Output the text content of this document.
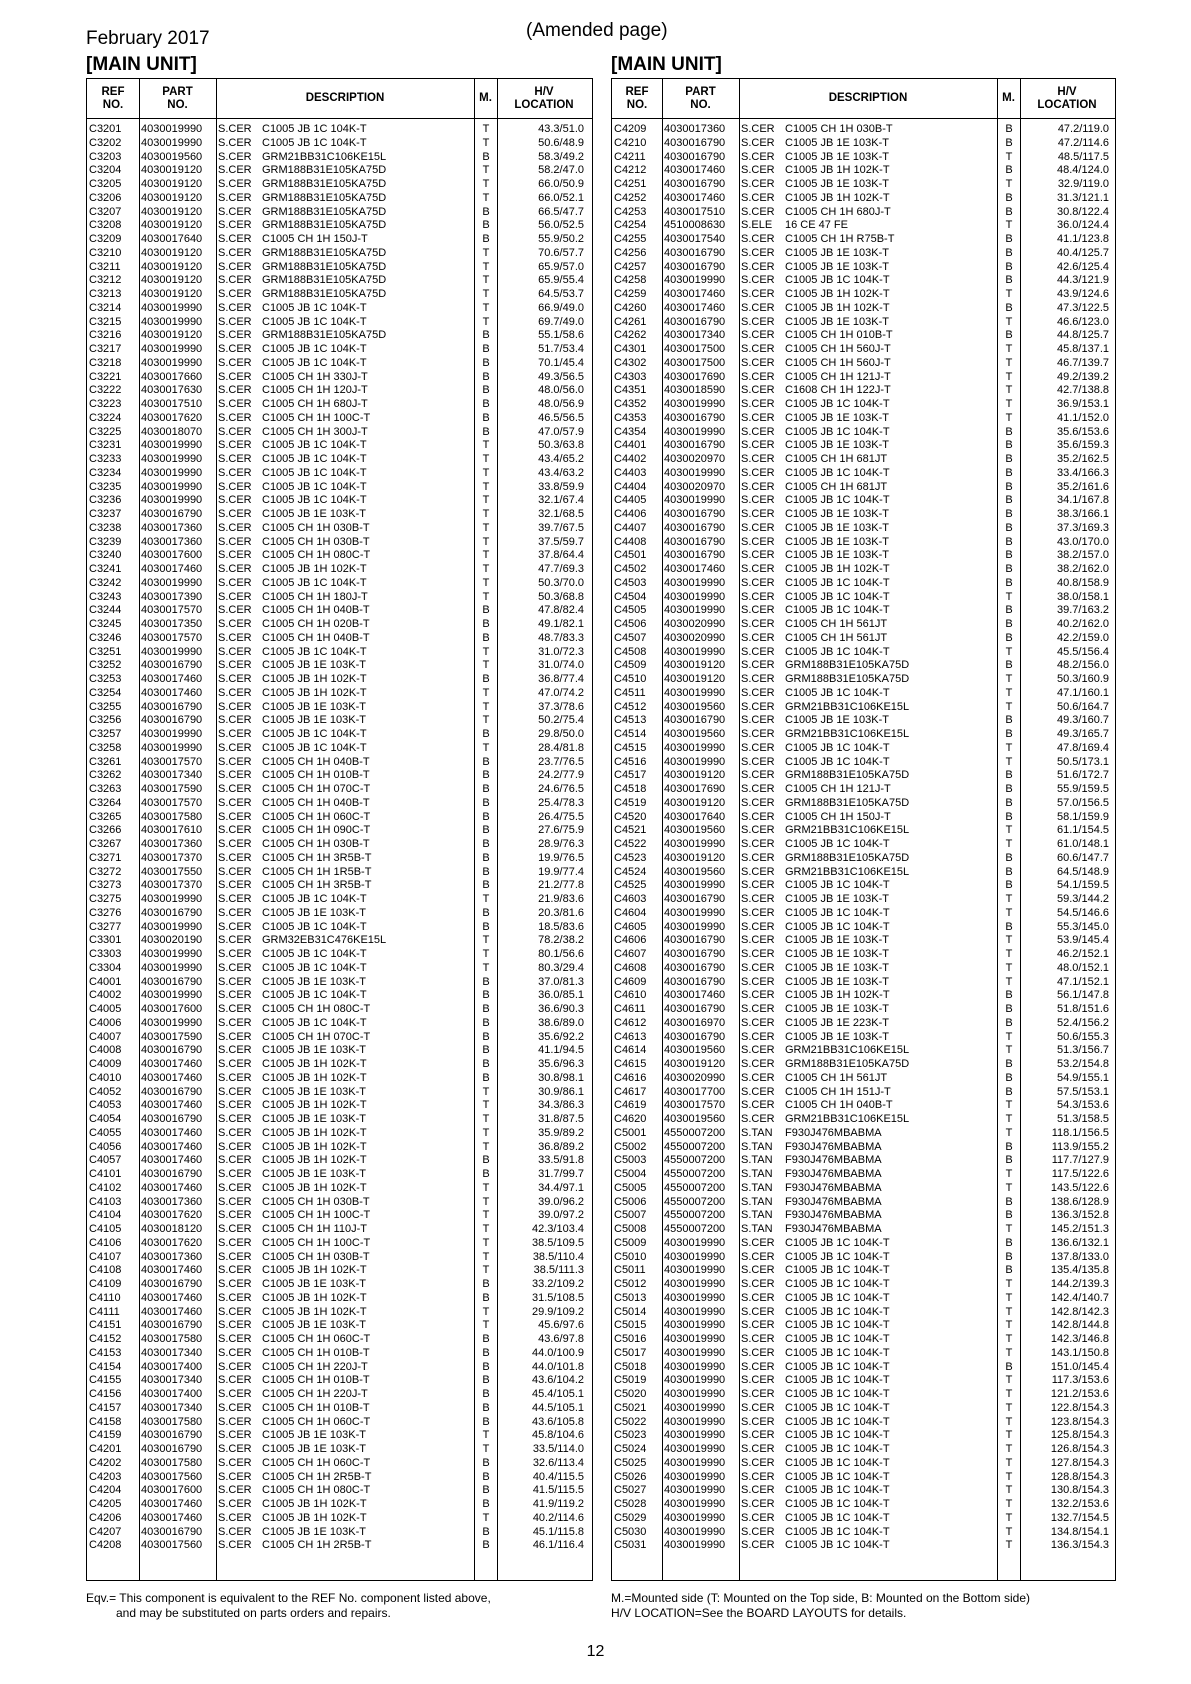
February 2017	(Amended page)
[MAIN UNIT]	[MAIN UNIT]
REF
NO.
PART
NO.
DESCRIPTION	M.
H/V
LOCATION
C3201 4030019990 S.CER C1005 JB 1C 104K-T	T	43.3/51.0
C3202 4030019990 S.CER C1005 JB 1C 104K-T	T	50.6/48.9
C3203 4030019560 S.CER GRM21BB31C106KE15L	B	58.3/49.2
C3204 4030019120 S.CER GRM188B31E105KA75D	T	58.2/47.0
C3205 4030019120 S.CER GRM188B31E105KA75D	T	66.0/50.9
C3206 4030019120 S.CER GRM188B31E105KA75D	T	66.0/52.1
C3207 4030019120 S.CER GRM188B31E105KA75D	B	66.5/47.7
C3208 4030019120 S.CER GRM188B31E105KA75D	B	56.0/52.5
C3209 4030017640 S.CER C1005 CH 1H 150J-T	B	55.9/50.2
C3210 4030019120 S.CER GRM188B31E105KA75D	T	70.6/57.7
C3211 4030019120 S.CER GRM188B31E105KA75D	T	65.9/57.0
C3212 4030019120 S.CER GRM188B31E105KA75D	T	65.9/55.4
C3213 4030019120 S.CER GRM188B31E105KA75D	T	64.5/53.7
C3214 4030019990 S.CER C1005 JB 1C 104K-T	T	66.9/49.0
C3215 4030019990 S.CER C1005 JB 1C 104K-T	T	69.7/49.0
C3216 4030019120 S.CER GRM188B31E105KA75D	B	55.1/58.6
C3217 4030019990 S.CER C1005 JB 1C 104K-T	B	51.7/53.4
C3218 4030019990 S.CER C1005 JB 1C 104K-T	B	70.1/45.4
C3221 4030017660 S.CER C1005 CH 1H 330J-T	B	49.3/56.5
C3222 4030017630 S.CER C1005 CH 1H 120J-T	B	48.0/56.0
C3223 4030017510 S.CER C1005 CH 1H 680J-T	B	48.0/56.9
C3224 4030017620 S.CER C1005 CH 1H 100C-T	B	46.5/56.5
C3225 4030018070 S.CER C1005 CH 1H 300J-T	B	47.0/57.9
C3231 4030019990 S.CER C1005 JB 1C 104K-T	T	50.3/63.8
C3233 4030019990 S.CER C1005 JB 1C 104K-T	T	43.4/65.2
C3234 4030019990 S.CER C1005 JB 1C 104K-T	T	43.4/63.2
C3235 4030019990 S.CER C1005 JB 1C 104K-T	T	33.8/59.9
C3236 4030019990 S.CER C1005 JB 1C 104K-T	T	32.1/67.4
C3237 4030016790 S.CER C1005 JB 1E 103K-T	T	32.1/68.5
C3238 4030017360 S.CER C1005 CH 1H 030B-T	T	39.7/67.5
C3239 4030017360 S.CER C1005 CH 1H 030B-T	T	37.5/59.7
C3240 4030017600 S.CER C1005 CH 1H 080C-T	T	37.8/64.4
C3241 4030017460 S.CER C1005 JB 1H 102K-T	T	47.7/69.3
C3242 4030019990 S.CER C1005 JB 1C 104K-T	T	50.3/70.0
C3243 4030017390 S.CER C1005 CH 1H 180J-T	T	50.3/68.8
C3244 4030017570 S.CER C1005 CH 1H 040B-T	B	47.8/82.4
C3245 4030017350 S.CER C1005 CH 1H 020B-T	B	49.1/82.1
C3246 4030017570 S.CER C1005 CH 1H 040B-T	B	48.7/83.3
C3251 4030019990 S.CER C1005 JB 1C 104K-T	T	31.0/72.3
C3252 4030016790 S.CER C1005 JB 1E 103K-T	T	31.0/74.0
C3253 4030017460 S.CER C1005 JB 1H 102K-T	B	36.8/77.4
C3254 4030017460 S.CER C1005 JB 1H 102K-T	T	47.0/74.2
C3255 4030016790 S.CER C1005 JB 1E 103K-T	T	37.3/78.6
C3256 4030016790 S.CER C1005 JB 1E 103K-T	T	50.2/75.4
C3257 4030019990 S.CER C1005 JB 1C 104K-T	B	29.8/50.0
C3258 4030019990 S.CER C1005 JB 1C 104K-T	T	28.4/81.8
C3261 4030017570 S.CER C1005 CH 1H 040B-T	B	23.7/76.5
C3262 4030017340 S.CER C1005 CH 1H 010B-T	B	24.2/77.9
C3263 4030017590 S.CER C1005 CH 1H 070C-T	B	24.6/76.5
C3264 4030017570 S.CER C1005 CH 1H 040B-T	B	25.4/78.3
C3265 4030017580 S.CER C1005 CH 1H 060C-T	B	26.4/75.5
C3266 4030017610 S.CER C1005 CH 1H 090C-T	B	27.6/75.9
C3267 4030017360 S.CER C1005 CH 1H 030B-T	B	28.9/76.3
C3271 4030017370 S.CER C1005 CH 1H 3R5B-T	B	19.9/76.5
C3272 4030017550 S.CER C1005 CH 1H 1R5B-T	B	19.9/77.4
C3273 4030017370 S.CER C1005 CH 1H 3R5B-T	B	21.2/77.8
C3275 4030019990 S.CER C1005 JB 1C 104K-T	T	21.9/83.6
C3276 4030016790 S.CER C1005 JB 1E 103K-T	B	20.3/81.6
C3277 4030019990 S.CER C1005 JB 1C 104K-T	B	18.5/83.6
C3301 4030020190 S.CER GRM32EB31C476KE15L	T	78.2/38.2
C3303 4030019990 S.CER C1005 JB 1C 104K-T	T	80.1/56.6
C3304 4030019990 S.CER C1005 JB 1C 104K-T	T	80.3/29.4
C4001 4030016790 S.CER C1005 JB 1E 103K-T	B	37.0/81.3
C4002 4030019990 S.CER C1005 JB 1C 104K-T	B	36.0/85.1
C4005 4030017600 S.CER C1005 CH 1H 080C-T	B	36.6/90.3
C4006 4030019990 S.CER C1005 JB 1C 104K-T	B	38.6/89.0
C4007 4030017590 S.CER C1005 CH 1H 070C-T	B	35.6/92.2
C4008 4030016790 S.CER C1005 JB 1E 103K-T	B	41.1/94.5
C4009 4030017460 S.CER C1005 JB 1H 102K-T	B	35.6/96.3
C4010 4030017460 S.CER C1005 JB 1H 102K-T	B	30.8/98.1
C4052 4030016790 S.CER C1005 JB 1E 103K-T	T	30.9/86.1
C4053 4030017460 S.CER C1005 JB 1H 102K-T	T	34.3/86.3
C4054 4030016790 S.CER C1005 JB 1E 103K-T	T	31.8/87.5
C4055 4030017460 S.CER C1005 JB 1H 102K-T	T	35.9/89.2
C4056 4030017460 S.CER C1005 JB 1H 102K-T	T	36.8/89.2
C4057 4030017460 S.CER C1005 JB 1H 102K-T	B	33.5/91.8
C4101 4030016790 S.CER C1005 JB 1E 103K-T	B	31.7/99.7
C4102 4030017460 S.CER C1005 JB 1H 102K-T	T	34.4/97.1
C4103 4030017360 S.CER C1005 CH 1H 030B-T	T	39.0/96.2
C4104 4030017620 S.CER C1005 CH 1H 100C-T	T	39.0/97.2
C4105 4030018120 S.CER C1005 CH 1H 110J-T	T	42.3/103.4
C4106 4030017620 S.CER C1005 CH 1H 100C-T	T	38.5/109.5
C4107 4030017360 S.CER C1005 CH 1H 030B-T	T	38.5/110.4
C4108 4030017460 S.CER C1005 JB 1H 102K-T	T	38.5/111.3
C4109 4030016790 S.CER C1005 JB 1E 103K-T	B	33.2/109.2
C4110 4030017460 S.CER C1005 JB 1H 102K-T	B	31.5/108.5
C4111 4030017460 S.CER C1005 JB 1H 102K-T	T	29.9/109.2
C4151 4030016790 S.CER C1005 JB 1E 103K-T	T	45.6/97.6
C4152 4030017580 S.CER C1005 CH 1H 060C-T	B	43.6/97.8
C4153 4030017340 S.CER C1005 CH 1H 010B-T	B	44.0/100.9
C4154 4030017400 S.CER C1005 CH 1H 220J-T	B	44.0/101.8
C4155 4030017340 S.CER C1005 CH 1H 010B-T	B	43.6/104.2
C4156 4030017400 S.CER C1005 CH 1H 220J-T	B	45.4/105.1
C4157 4030017340 S.CER C1005 CH 1H 010B-T	B	44.5/105.1
C4158 4030017580 S.CER C1005 CH 1H 060C-T	B	43.6/105.8
C4159 4030016790 S.CER C1005 JB 1E 103K-T	T	45.8/104.6
C4201 4030016790 S.CER C1005 JB 1E 103K-T	T	33.5/114.0
C4202 4030017580 S.CER C1005 CH 1H 060C-T	B	32.6/113.4
C4203 4030017560 S.CER C1005 CH 1H 2R5B-T	B	40.4/115.5
C4204 4030017600 S.CER C1005 CH 1H 080C-T	B	41.5/115.5
C4205 4030017460 S.CER C1005 JB 1H 102K-T	B	41.9/119.2
C4206 4030017460 S.CER C1005 JB 1H 102K-T	T	40.2/114.6
C4207 4030016790 S.CER C1005 JB 1E 103K-T	B	45.1/115.8
C4208 4030017560 S.CER C1005 CH 1H 2R5B-T	B	46.1/116.4
REF
NO.
PART
NO.
DESCRIPTION	M.
H/V
LOCATION
C4209 4030017360 S.CER C1005 CH 1H 030B-T	B	47.2/119.0
C4210 4030016790 S.CER C1005 JB 1E 103K-T	B	47.2/114.6
C4211 4030016790 S.CER C1005 JB 1E 103K-T	T	48.5/117.5
C4212 4030017460 S.CER C1005 JB 1H 102K-T	B	48.4/124.0
C4251 4030016790 S.CER C1005 JB 1E 103K-T	T	32.9/119.0
C4252 4030017460 S.CER C1005 JB 1H 102K-T	B	31.3/121.1
C4253 4030017510 S.CER C1005 CH 1H 680J-T	B	30.8/122.4
C4254 4510008630 S.ELE 16 CE 47 FE	T	36.0/124.4
C4255 4030017540 S.CER C1005 CH 1H R75B-T	B	41.1/123.8
C4256 4030016790 S.CER C1005 JB 1E 103K-T	B	40.4/125.7
C4257 4030016790 S.CER C1005 JB 1E 103K-T	B	42.6/125.4
C4258 4030019990 S.CER C1005 JB 1C 104K-T	B	44.3/121.9
C4259 4030017460 S.CER C1005 JB 1H 102K-T	T	43.9/124.6
C4260 4030017460 S.CER C1005 JB 1H 102K-T	B	47.3/122.5
C4261 4030016790 S.CER C1005 JB 1E 103K-T	T	46.6/123.0
C4262 4030017340 S.CER C1005 CH 1H 010B-T	B	44.8/125.7
C4301 4030017500 S.CER C1005 CH 1H 560J-T	T	45.8/137.1
C4302 4030017500 S.CER C1005 CH 1H 560J-T	T	46.7/139.7
C4303 4030017690 S.CER C1005 CH 1H 121J-T	T	49.2/139.2
C4351 4030018590 S.CER C1608 CH 1H 122J-T	T	42.7/138.8
C4352 4030019990 S.CER C1005 JB 1C 104K-T	T	36.9/153.1
C4353 4030016790 S.CER C1005 JB 1E 103K-T	T	41.1/152.0
C4354 4030019990 S.CER C1005 JB 1C 104K-T	B	35.6/153.6
C4401 4030016790 S.CER C1005 JB 1E 103K-T	B	35.6/159.3
C4402 4030020970 S.CER C1005 CH 1H 681JT	B	35.2/162.5
C4403 4030019990 S.CER C1005 JB 1C 104K-T	B	33.4/166.3
C4404 4030020970 S.CER C1005 CH 1H 681JT	B	35.2/161.6
C4405 4030019990 S.CER C1005 JB 1C 104K-T	B	34.1/167.8
C4406 4030016790 S.CER C1005 JB 1E 103K-T	B	38.3/166.1
C4407 4030016790 S.CER C1005 JB 1E 103K-T	B	37.3/169.3
C4408 4030016790 S.CER C1005 JB 1E 103K-T	B	43.0/170.0
C4501 4030016790 S.CER C1005 JB 1E 103K-T	B	38.2/157.0
C4502 4030017460 S.CER C1005 JB 1H 102K-T	B	38.2/162.0
C4503 4030019990 S.CER C1005 JB 1C 104K-T	B	40.8/158.9
C4504 4030019990 S.CER C1005 JB 1C 104K-T	T	38.0/158.1
C4505 4030019990 S.CER C1005 JB 1C 104K-T	B	39.7/163.2
C4506 4030020990 S.CER C1005 CH 1H 561JT	B	40.2/162.0
C4507 4030020990 S.CER C1005 CH 1H 561JT	B	42.2/159.0
C4508 4030019990 S.CER C1005 JB 1C 104K-T	T	45.5/156.4
C4509 4030019120 S.CER GRM188B31E105KA75D	B	48.2/156.0
C4510 4030019120 S.CER GRM188B31E105KA75D	T	50.3/160.9
C4511 4030019990 S.CER C1005 JB 1C 104K-T	T	47.1/160.1
C4512 4030019560 S.CER GRM21BB31C106KE15L	T	50.6/164.7
C4513 4030016790 S.CER C1005 JB 1E 103K-T	B	49.3/160.7
C4514 4030019560 S.CER GRM21BB31C106KE15L	B	49.3/165.7
C4515 4030019990 S.CER C1005 JB 1C 104K-T	T	47.8/169.4
C4516 4030019990 S.CER C1005 JB 1C 104K-T	T	50.5/173.1
C4517 4030019120 S.CER GRM188B31E105KA75D	B	51.6/172.7
C4518 4030017690 S.CER C1005 CH 1H 121J-T	B	55.9/159.5
C4519 4030019120 S.CER GRM188B31E105KA75D	B	57.0/156.5
C4520 4030017640 S.CER C1005 CH 1H 150J-T	B	58.1/159.9
C4521 4030019560 S.CER GRM21BB31C106KE15L	T	61.1/154.5
C4522 4030019990 S.CER C1005 JB 1C 104K-T	T	61.0/148.1
C4523 4030019120 S.CER GRM188B31E105KA75D	B	60.6/147.7
C4524 4030019560 S.CER GRM21BB31C106KE15L	B	64.5/148.9
C4525 4030019990 S.CER C1005 JB 1C 104K-T	B	54.1/159.5
C4603 4030016790 S.CER C1005 JB 1E 103K-T	T	59.3/144.2
C4604 4030019990 S.CER C1005 JB 1C 104K-T	T	54.5/146.6
C4605 4030019990 S.CER C1005 JB 1C 104K-T	B	55.3/145.0
C4606 4030016790 S.CER C1005 JB 1E 103K-T	T	53.9/145.4
C4607 4030016790 S.CER C1005 JB 1E 103K-T	T	46.2/152.1
C4608 4030016790 S.CER C1005 JB 1E 103K-T	T	48.0/152.1
C4609 4030016790 S.CER C1005 JB 1E 103K-T	T	47.1/152.1
C4610 4030017460 S.CER C1005 JB 1H 102K-T	B	56.1/147.8
C4611 4030016790 S.CER C1005 JB 1E 103K-T	B	51.8/151.6
C4612 4030016970 S.CER C1005 JB 1E 223K-T	B	52.4/156.2
C4613 4030016790 S.CER C1005 JB 1E 103K-T	T	50.6/155.3
C4614 4030019560 S.CER GRM21BB31C106KE15L	T	51.3/156.7
C4615 4030019120 S.CER GRM188B31E105KA75D	B	53.2/154.8
C4616 4030020990 S.CER C1005 CH 1H 561JT	B	54.9/155.1
C4617 4030017700 S.CER C1005 CH 1H 151J-T	B	57.5/153.1
C4619 4030017570 S.CER C1005 CH 1H 040B-T	T	54.3/153.6
C4620 4030019560 S.CER GRM21BB31C106KE15L	T	51.3/158.5
C5001 4550007200 S.TAN F930J476MBABMA	T	118.1/156.5
C5002 4550007200 S.TAN F930J476MBABMA	B	113.9/155.2
C5003 4550007200 S.TAN F930J476MBABMA	B	117.7/127.9
C5004 4550007200 S.TAN F930J476MBABMA	T	117.5/122.6
C5005 4550007200 S.TAN F930J476MBABMA	T	143.5/122.6
C5006 4550007200 S.TAN F930J476MBABMA	B	138.6/128.9
C5007 4550007200 S.TAN F930J476MBABMA	B	136.3/152.8
C5008 4550007200 S.TAN F930J476MBABMA	T	145.2/151.3
C5009 4030019990 S.CER C1005 JB 1C 104K-T	B	136.6/132.1
C5010 4030019990 S.CER C1005 JB 1C 104K-T	B	137.8/133.0
C5011 4030019990 S.CER C1005 JB 1C 104K-T	B	135.4/135.8
C5012 4030019990 S.CER C1005 JB 1C 104K-T	T	144.2/139.3
C5013 4030019990 S.CER C1005 JB 1C 104K-T	T	142.4/140.7
C5014 4030019990 S.CER C1005 JB 1C 104K-T	T	142.8/142.3
C5015 4030019990 S.CER C1005 JB 1C 104K-T	T	142.8/144.8
C5016 4030019990 S.CER C1005 JB 1C 104K-T	T	142.3/146.8
C5017 4030019990 S.CER C1005 JB 1C 104K-T	T	143.1/150.8
C5018 4030019990 S.CER C1005 JB 1C 104K-T	B	151.0/145.4
C5019 4030019990 S.CER C1005 JB 1C 104K-T	T	117.3/153.6
C5020 4030019990 S.CER C1005 JB 1C 104K-T	T	121.2/153.6
C5021 4030019990 S.CER C1005 JB 1C 104K-T	T	122.8/154.3
C5022 4030019990 S.CER C1005 JB 1C 104K-T	T	123.8/154.3
C5023 4030019990 S.CER C1005 JB 1C 104K-T	T	125.8/154.3
C5024 4030019990 S.CER C1005 JB 1C 104K-T	T	126.8/154.3
C5025 4030019990 S.CER C1005 JB 1C 104K-T	T	127.8/154.3
C5026 4030019990 S.CER C1005 JB 1C 104K-T	T	128.8/154.3
C5027 4030019990 S.CER C1005 JB 1C 104K-T	T	130.8/154.3
C5028 4030019990 S.CER C1005 JB 1C 104K-T	T	132.2/153.6
C5029 4030019990 S.CER C1005 JB 1C 104K-T	T	132.7/154.5
C5030 4030019990 S.CER C1005 JB 1C 104K-T	T	134.8/154.1
C5031 4030019990 S.CER C1005 JB 1C 104K-T	T	136.3/154.3
Eqv.= This component is equivalent to the REF No. component listed above,
and may be substituted on parts orders and repairs.
M.=Mounted side (T: Mounted on the Top side, B: Mounted on the Bottom side)
H/V LOCATION=See the BOARD LAYOUTS for details.
12
